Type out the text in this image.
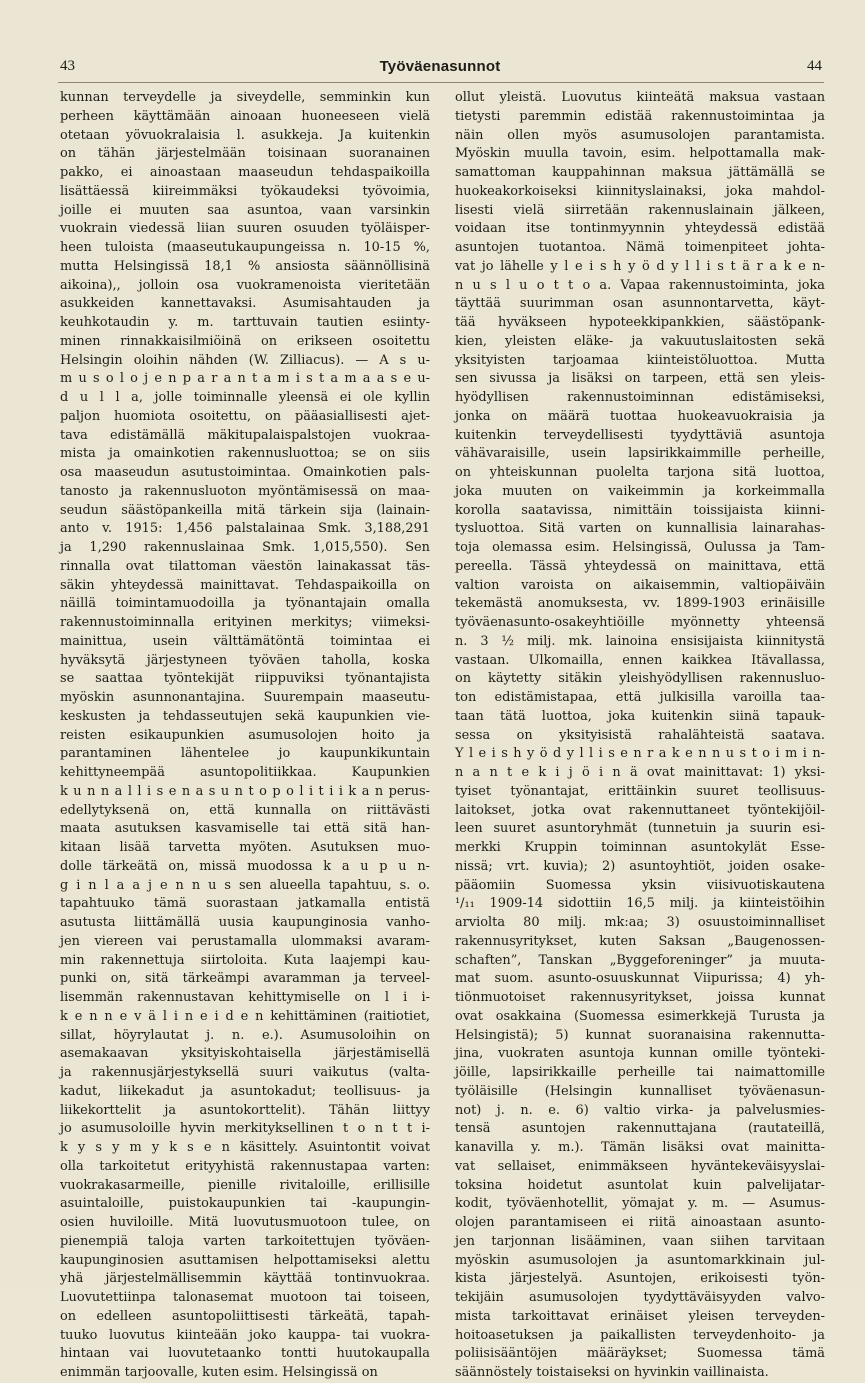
43	Työväenasunnot	44
kunnan terveydelle ja siveydelle, semminkin kun
perheen käyttämään ainoaan huoneeseen vielä
otetaan yövuokralaisia l. asukkeja. Ja kuitenkin
on tähän järjestelmään toisinaan suoranainen
pakko, ei ainoastaan maaseudun tehdaspaikoilla
lisättäessä kiireimmäksi työkaudeksi työvoimia,
joille ei muuten saa asuntoa, vaan varsinkin
vuokrain viedessä liian suuren osuuden työläisper-
heen tuloista (maaseutukaupungeissa n. 10-15 %,
mutta Helsingissä 18,1 % ansiosta säännöllisinä
aikoina),, jolloin osa vuokramenoista vieritetään
asukkeiden kannettavaksi. Asumisahtauden ja
keuhkotaudin y. m. tarttuvain tautien esiinty-
minen rinnakkaisilmiöinä on erikseen osoitettu
Helsingin oloihin nähden (W. Zilliacus). — A s u-
m u s o l o j e n p a r a n t a m i s t a m a a s e u-
d u l l a, jolle toiminnalle yleensä ei ole kyllin
paljon huomiota osoitettu, on pääasiallisesti ajet-
tava edistämällä mäkitupalaispalstojen vuokraa-
mista ja omainkotien rakennusluottoa; se on siis
osa maaseudun asutustoimintaa. Omainkotien pals-
tanosto ja rakennusluoton myöntämisessä on maa-
seudun säästöpankeilla mitä tärkein sija (lainain-
anto v. 1915: 1,456 palstalainaa Smk. 3,188,291
ja 1,290 rakennuslainaa Smk. 1,015,550). Sen
rinnalla ovat tilattoman väestön lainakassat täs-
säkin yhteydessä mainittavat. Tehdaspaikoilla on
näillä toimintamuodoilla ja työnantajain omalla
rakennustoiminnalla erityinen merkitys; viimeksi-
mainittua, usein välttämätöntä toimintaa ei
hyväksytä järjestyneen työväen taholla, koska
se saattaa työntekijät riippuviksi työnantajista
myöskin asunnonantajina. Suurempain maaseutu-
keskusten ja tehdasseutujen sekä kaupunkien vie-
reisten esikaupunkien asumusolojen hoito ja
parantaminen lähentelee jo kaupunkikuntain
kehittyneempää asuntopolitiikkaa. Kaupunkien
k u n n a l l i s e n a s u n t o p o l i t i i k a n perus-
edellytyksenä on, että kunnalla on riittävästi
maata asutuksen kasvamiselle tai että sitä han-
kitaan lisää tarvetta myöten. Asutuksen muo-
dolle tärkeätä on, missä muodossa k a u p u n-
g i n l a a j e n n u s sen alueella tapahtuu, s. o.
tapahtuuko tämä suorastaan jatkamalla entistä
asutusta liittämällä uusia kaupunginosia vanho-
jen viereen vai perustamalla ulommaksi avaram-
min rakennettuja siirtoloita. Kuta laajempi kau-
punki on, sitä tärkeämpi avaramman ja terveel-
lisemmän rakennustavan kehittymiselle on l i i-
k e n n e v ä l i n e i d e n kehittäminen (raitiotiet,
sillat, höyrylautat j. n. e.). Asumusoloihin on
asemakaavan yksityiskohtaisella järjestämisellä
ja rakennusjärjestyksellä suuri vaikutus (valta-
kadut, liikekadut ja asuntokadut; teollisuus- ja
liikekorttelit ja asuntokorttelit). Tähän liittyy
jo asumusoloille hyvin merkityksellinen t o n t t i-
k y s y m y k s e n käsittely. Asuintontit voivat
olla tarkoitetut erityyhistä rakennustapaa varten:
vuokrakasarmeille, pienille rivitaloille, erillisille
asuintaloille, puistokaupunkien tai -kaupungin-
osien huviloille. Mitä luovutusmuotoon tulee, on
pienempiä taloja varten tarkoitettujen työväen-
kaupunginosien asuttamisen helpottamiseksi alettu
yhä järjestelmällisemmin käyttää tontinvuokraa.
Luovutettiinpa talonasemat muotoon tai toiseen,
on edelleen asuntopoliittisesti tärkeätä, tapah-
tuuko luovutus kiinteään joko kauppa- tai vuokra-
hintaan vai luovutetaanko tontti huutokaupalla
enimmän tarjoovalle, kuten esim. Helsingissä on
ollut yleistä. Luovutus kiinteätä maksua vastaan
tietysti paremmin edistää rakennustoimintaa ja
näin ollen myös asumusolojen parantamista.
Myöskin muulla tavoin, esim. helpottamalla mak-
samattoman kauppahinnan maksua jättämällä se
huokeakorkoiseksi kiinnityslainaksi, joka mahdol-
lisesti vielä siirretään rakennuslainain jälkeen,
voidaan itse tontinmyynnin yhteydessä edistää
asuntojen tuotantoa. Nämä toimenpiteet johta-
vat jo lähelle y l e i s h y ö d y l l i s t ä r a k e n-
n u s l u o t t o a. Vapaa rakennustoiminta, joka
täyttää suurimman osan asunnontarvetta, käyt-
tää hyväkseen hypoteekkipankkien, säästöpank-
kien, yleisten eläke- ja vakuutuslaitosten sekä
yksityisten tarjoamaa kiinteistöluottoa. Mutta
sen sivussa ja lisäksi on tarpeen, että sen yleis-
hyödyllisen rakennustoiminnan edistämiseksi,
jonka on määrä tuottaa huokeavuokraisia ja
kuitenkin terveydellisesti tyydyttäviä asuntoja
vähävaraisille, usein lapsirikkaimmille perheille,
on yhteiskunnan puolelta tarjona sitä luottoa,
joka muuten on vaikeimmin ja korkeimmalla
korolla saatavissa, nimittäin toissijaista kiinni-
tysluottoa. Sitä varten on kunnallisia lainarahas-
toja olemassa esim. Helsingissä, Oulussa ja Tam-
pereella. Tässä yhteydessä on mainittava, että
valtion varoista on aikaisemmin, valtiopäiväin
tekemästä anomuksesta, vv. 1899-1903 erinäisille
työväenasunto-osakeyhtiöille myönnetty yhteensä
n. 3 ½ milj. mk. lainoina ensisijaista kiinnitystä
vastaan. Ulkomailla, ennen kaikkea Itävallassa,
on käytetty sitäkin yleishyödyllisen rakennusluo-
ton edistämistapaa, että julkisilla varoilla taa-
taan tätä luottoa, joka kuitenkin siinä tapauk-
sessa on yksityisistä rahalähteistä saatava.
Y l e i s h y ö d y l l i s e n r a k e n n u s t o i m i n-
n a n t e k i j ö i n ä ovat mainittavat: 1) yksi-
tyiset työnantajat, erittäinkin suuret teollisuus-
laitokset, jotka ovat rakennuttaneet työntekijöil-
leen suuret asuntoryhmät (tunnetuin ja suurin esi-
merkki Kruppin toiminnan asuntokylät Esse-
nissä; vrt. kuvia); 2) asuntoyhtiöt, joiden osake-
pääomiin Suomessa yksin viisivuotiskautena
¹/₁₁ 1909-14 sidottiin 16,5 milj. ja kiinteistöihin
arviolta 80 milj. mk:aa; 3) osuustoiminnalliset
rakennusyritykset, kuten Saksan „Baugenossen-
schaften”, Tanskan „Byggeforeninger” ja muuta-
mat suom. asunto-osuuskunnat Viipurissa; 4) yh-
tiönmuotoiset rakennusyritykset, joissa kunnat
ovat osakkaina (Suomessa esimerkkejä Turusta ja
Helsingistä); 5) kunnat suoranaisina rakennutta-
jina, vuokraten asuntoja kunnan omille työnteki-
jöille, lapsirikkaille perheille tai naimattomille
työläisille (Helsingin kunnalliset työväenasun-
not) j. n. e. 6) valtio virka- ja palvelusmies-
tensä asuntojen rakennuttajana (rautateillä,
kanavilla y. m.). Tämän lisäksi ovat mainitta-
vat sellaiset, enimmäkseen hyväntekeväisyyslai-
toksina hoidetut asuntolat kuin palvelijatar-
kodit, työväenhotellit, yömajat y. m. — Asumus-
olojen parantamiseen ei riitä ainoastaan asunto-
jen tarjonnan lisääminen, vaan siihen tarvitaan
myöskin asumusolojen ja asuntomarkkinain jul-
kista järjestelyä. Asuntojen, erikoisesti työn-
tekijäin asumusolojen tyydyttäväisyyden valvo-
mista tarkoittavat erinäiset yleisen terveyden-
hoitoasetuksen ja paikallisten terveydenhoito- ja
poliisisääntöjen määräykset; Suomessa tämä
säännöstely toistaiseksi on hyvinkin vaillinaista.
